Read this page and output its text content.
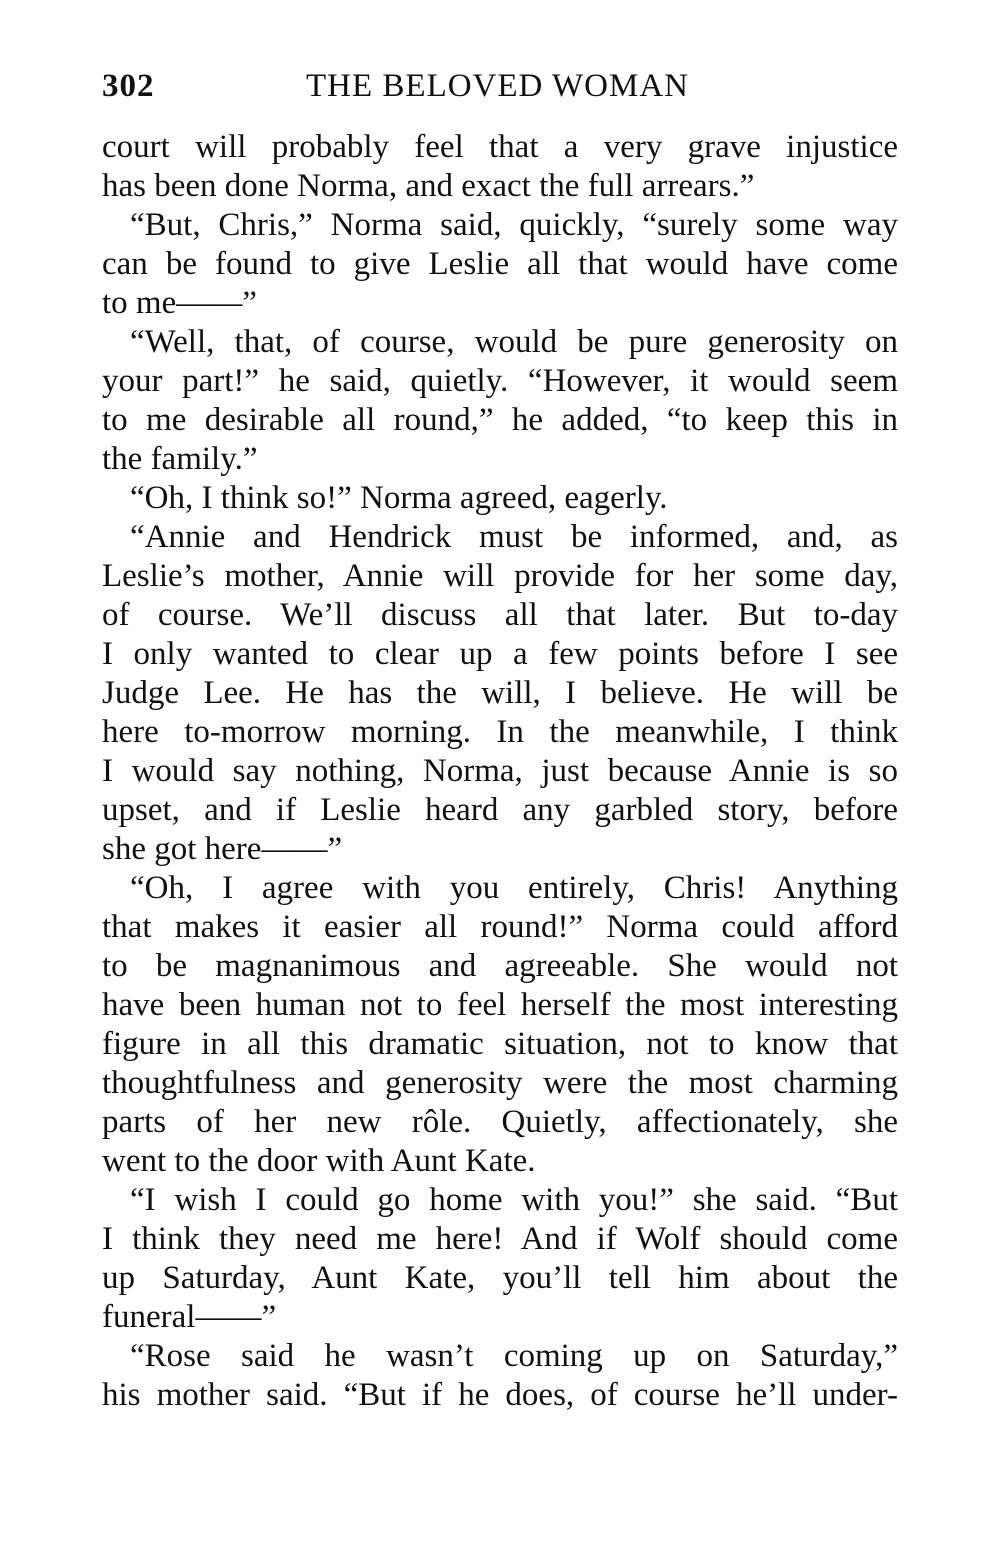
302	THE BELOVED WOMAN
court will probably feel that a very grave injustice
has been done Norma, and exact the full arrears.”
“But, Chris,” Norma said, quickly, “surely some way
can be found to give Leslie all that would have come
to me——”
“Well, that, of course, would be pure generosity on
your part!” he said, quietly. “However, it would seem
to me desirable all round,” he added, “to keep this in
the family.”
“Oh, I think so!” Norma agreed, eagerly.
“Annie and Hendrick must be informed, and, as
Leslie’s mother, Annie will provide for her some day,
of course. We’ll discuss all that later. But to-day
I only wanted to clear up a few points before I see
Judge Lee. He has the will, I believe. He will be
here to-morrow morning. In the meanwhile, I think
I would say nothing, Norma, just because Annie is so
upset, and if Leslie heard any garbled story, before
she got here——”
“Oh, I agree with you entirely, Chris! Anything
that makes it easier all round!” Norma could afford
to be magnanimous and agreeable. She would not
have been human not to feel herself the most interesting
figure in all this dramatic situation, not to know that
thoughtfulness and generosity were the most charming
parts of her new rôle. Quietly, affectionately, she
went to the door with Aunt Kate.
“I wish I could go home with you!” she said. “But
I think they need me here! And if Wolf should come
up Saturday, Aunt Kate, you’ll tell him about the
funeral——”
“Rose said he wasn’t coming up on Saturday,”
his mother said. “But if he does, of course he’ll under-
